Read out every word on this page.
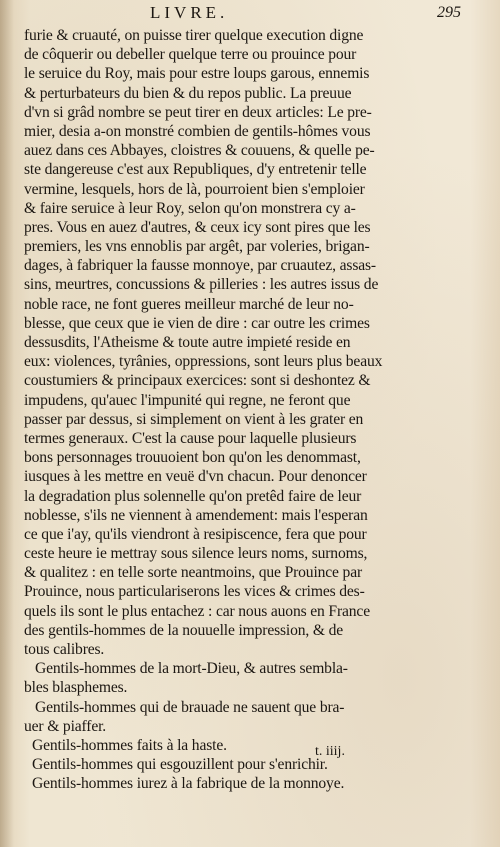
LIVRE.	295
furie & cruauté, on puisse tirer quelque execution digne
de côquerir ou debeller quelque terre ou prouince pour
le seruice du Roy, mais pour estre loups garous, ennemis
& perturbateurs du bien & du repos public. La preuue
d'vn si grâd nombre se peut tirer en deux articles: Le pre-
mier, desia a-on monstré combien de gentils-hômes vous
auez dans ces Abbayes, cloistres & couuens, & quelle pe-
ste dangereuse c'est aux Republiques, d'y entretenir telle
vermine, lesquels, hors de là, pourroient bien s'emploier
& faire seruice à leur Roy, selon qu'on monstrera cy a-
pres. Vous en auez d'autres, & ceux icy sont pires que les
premiers, les vns ennoblis par argêt, par voleries, brigan-
dages, à fabriquer la fausse monnoye, par cruautez, assas-
sins, meurtres, concussions & pilleries : les autres issus de
noble race, ne font gueres meilleur marché de leur no-
blesse, que ceux que ie vien de dire : car outre les crimes
dessusdits, l'Atheisme & toute autre impieté reside en
eux: violences, tyrânies, oppressions, sont leurs plus beaux
coustumiers & principaux exercices: sont si deshontez &
impudens, qu'auec l'impunité qui regne, ne feront que
passer par dessus, si simplement on vient à les grater en
termes generaux. C'est la cause pour laquelle plusieurs
bons personnages trouuoient bon qu'on les denommast,
iusques à les mettre en veuë d'vn chacun. Pour denoncer
la degradation plus solennelle qu'on pretêd faire de leur
noblesse, s'ils ne viennent à amendement: mais l'esperan
ce que i'ay, qu'ils viendront à resipiscence, fera que pour
ceste heure ie mettray sous silence leurs noms, surnoms,
& qualitez : en telle sorte neantmoins, que Prouince par
Prouince, nous particulariserons les vices & crimes des-
quels ils sont le plus entachez : car nous auons en France
des gentils-hommes de la nouuelle impression, & de
tous calibres.
Gentils-hommes de la mort-Dieu, & autres sembla-
bles blasphemes.
Gentils-hommes qui de brauade ne sauent que bra-
uer & piaffer.
Gentils-hommes faits à la haste.
Gentils-hommes qui esgouzillent pour s'enrichir.
Gentils-hommes iurez à la fabrique de la monnoye.
t. iiij.
